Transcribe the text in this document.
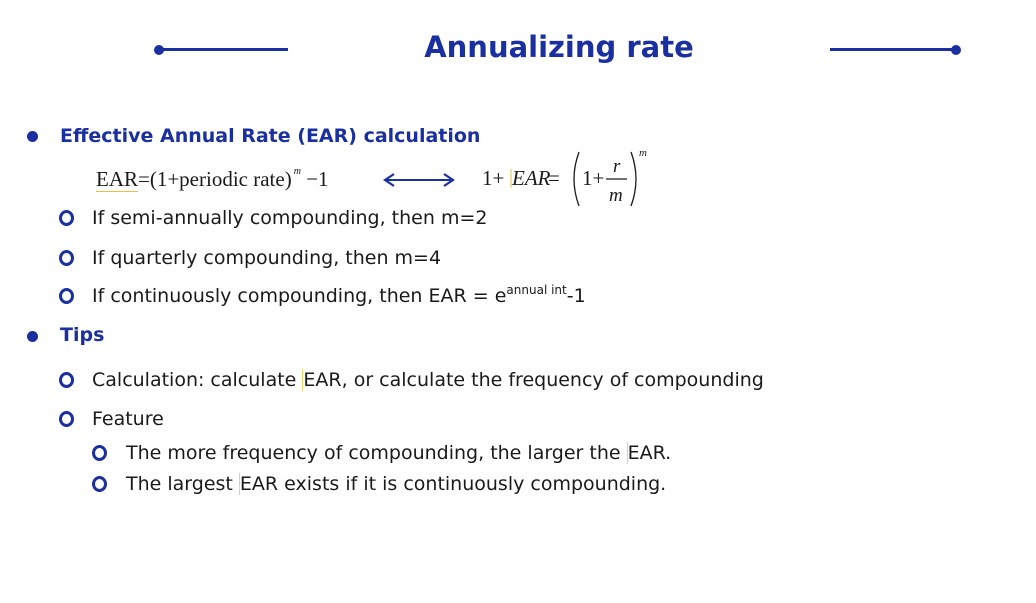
Annualizing rate
Effective Annual Rate (EAR) calculation
EAR=(1+periodic rate) $^m$ −1	1+ EAR
= 1+ r
m
m
If semi-annually compounding, then m=2
If quarterly compounding, then m=4
If continuously compounding, then EAR = $e^{annual int}-1$
Tips
Calculation: calculate EAR, or calculate the frequency of compounding
Feature
The more frequency of compounding, the larger the EAR.
The largest EAR exists if it is continuously compounding.
